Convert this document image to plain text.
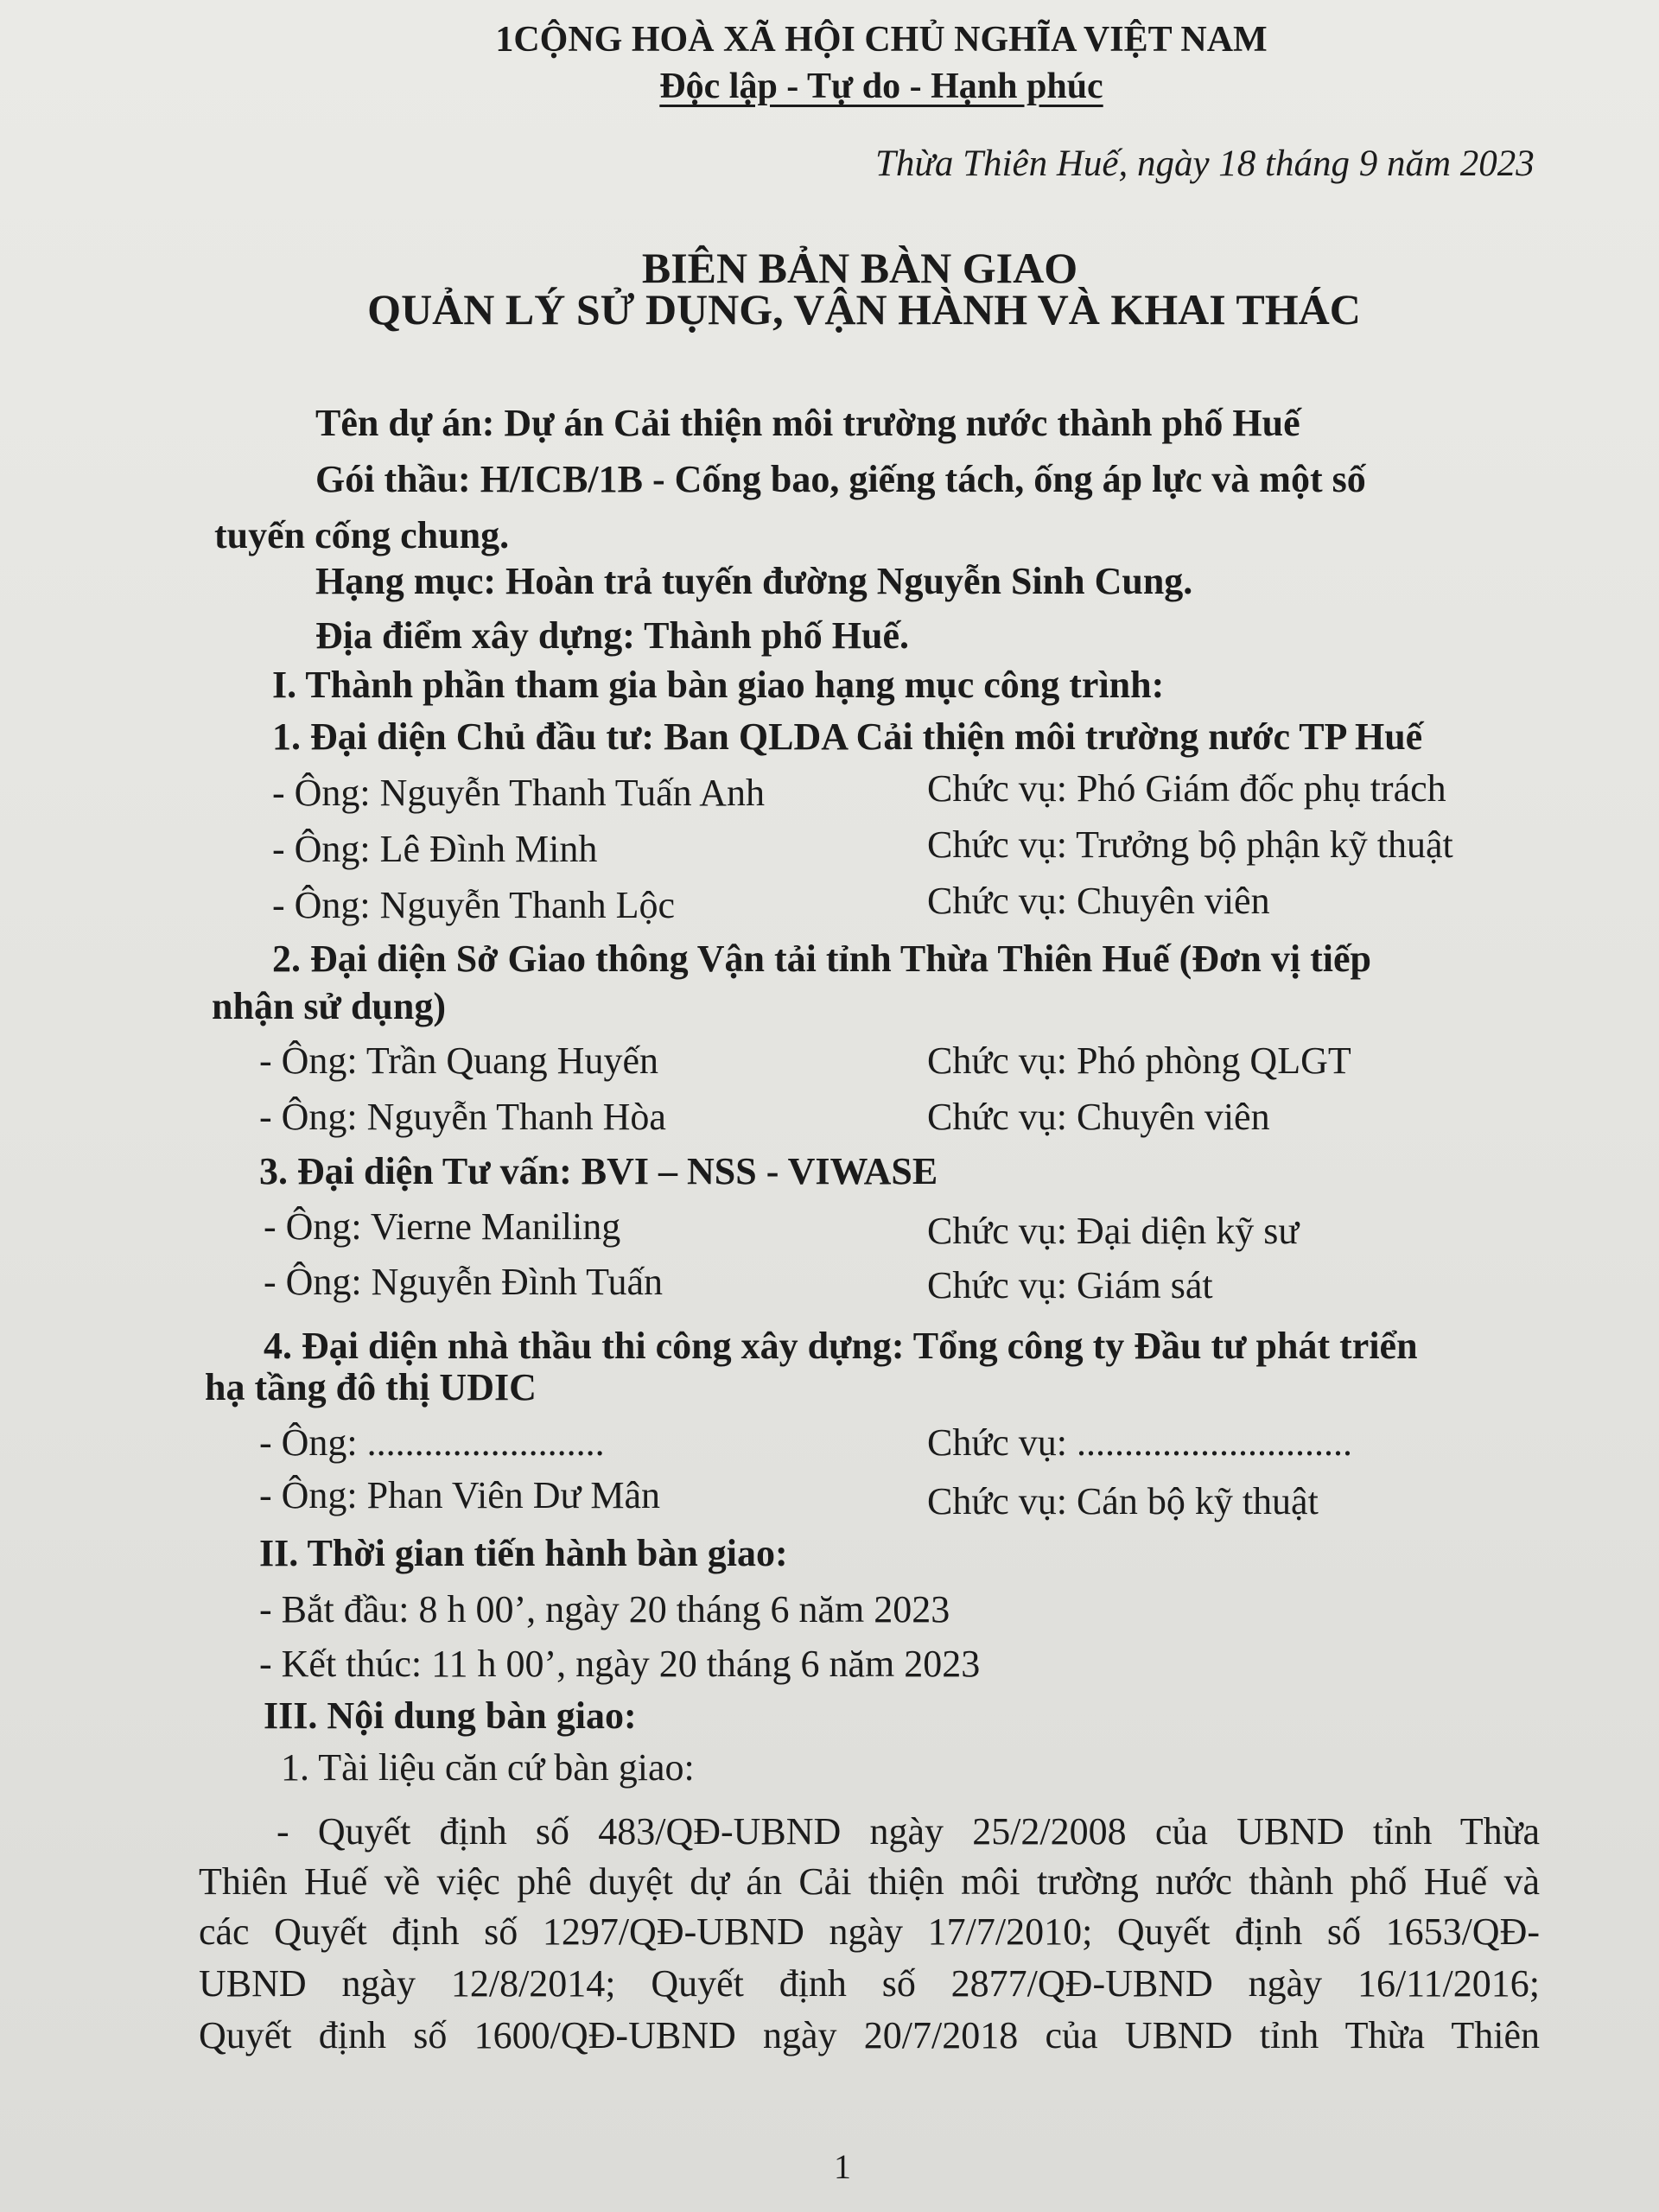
1CỘNG HOÀ XÃ HỘI CHỦ NGHĨA VIỆT NAM
Độc lập - Tự do - Hạnh phúc
Thừa Thiên Huế, ngày 18 tháng 9 năm 2023
BIÊN BẢN BÀN GIAO
QUẢN LÝ SỬ DỤNG, VẬN HÀNH VÀ KHAI THÁC
Tên dự án: Dự án Cải thiện môi trường nước thành phố Huế
Gói thầu: H/ICB/1B - Cống bao, giếng tách, ống áp lực và một số
tuyến cống chung.
Hạng mục: Hoàn trả tuyến đường Nguyễn Sinh Cung.
Địa điểm xây dựng: Thành phố Huế.
I. Thành phần tham gia bàn giao hạng mục công trình:
1. Đại diện Chủ đầu tư: Ban QLDA Cải thiện môi trường nước TP Huế
- Ông: Nguyễn Thanh Tuấn Anh	Chức vụ: Phó Giám đốc phụ trách
- Ông: Lê Đình Minh	Chức vụ: Trưởng bộ phận kỹ thuật
- Ông: Nguyễn Thanh Lộc	Chức vụ: Chuyên viên
2. Đại diện Sở Giao thông Vận tải tỉnh Thừa Thiên Huế (Đơn vị tiếp
nhận sử dụng)
- Ông: Trần Quang Huyến	Chức vụ: Phó phòng QLGT
- Ông: Nguyễn Thanh Hòa	Chức vụ: Chuyên viên
3. Đại diện Tư vấn: BVI – NSS - VIWASE
- Ông: Vierne Maniling	Chức vụ: Đại diện kỹ sư
- Ông: Nguyễn Đình Tuấn	Chức vụ: Giám sát
4. Đại diện nhà thầu thi công xây dựng: Tổng công ty Đầu tư phát triển
hạ tầng đô thị UDIC
- Ông: .........................	Chức vụ: .............................
- Ông: Phan Viên Dư Mân	Chức vụ: Cán bộ kỹ thuật
II. Thời gian tiến hành bàn giao:
- Bắt đầu: 8 h 00’, ngày 20 tháng 6 năm 2023
- Kết thúc: 11 h 00’, ngày 20 tháng 6 năm 2023
III. Nội dung bàn giao:
1. Tài liệu căn cứ bàn giao:
- Quyết định số 483/QĐ-UBND ngày 25/2/2008 của UBND tỉnh Thừa
Thiên Huế về việc phê duyệt dự án Cải thiện môi trường nước thành phố Huế và
các Quyết định số 1297/QĐ-UBND ngày 17/7/2010; Quyết định số 1653/QĐ-
UBND ngày 12/8/2014; Quyết định số 2877/QĐ-UBND ngày 16/11/2016;
Quyết định số 1600/QĐ-UBND ngày 20/7/2018 của UBND tỉnh Thừa Thiên
1
